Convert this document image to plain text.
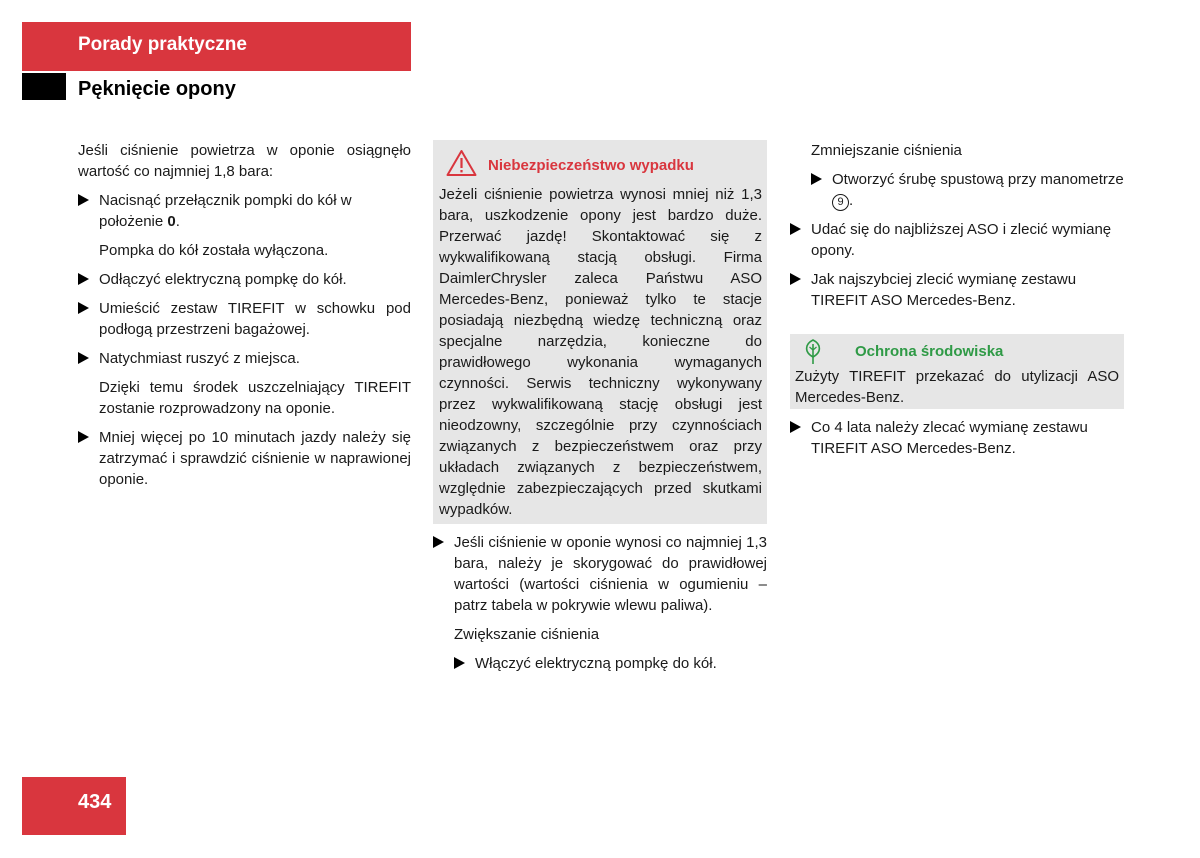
Porady praktyczne
Pęknięcie opony

Jeśli ciśnienie powietrza w oponie osiągnęło wartość co najmniej 1,8 bara:

Nacisnąć przełącznik pompki do kół w położenie 0.

Pompka do kół została wyłączona.

Odłączyć elektryczną pompkę do kół.
Umieścić zestaw TIREFIT w schowku pod podłogą przestrzeni bagażowej.
Natychmiast ruszyć z miejsca.

Dzięki temu środek uszczelniający TIREFIT zostanie rozprowadzony na oponie.

Mniej więcej po 10 minutach jazdy należy się zatrzymać i sprawdzić ciśnienie w naprawionej oponie.
Niebezpieczeństwo wypadku
Jeżeli ciśnienie powietrza wynosi mniej niż 1,3 bara, uszkodzenie opony jest bardzo duże. Przerwać jazdę! Skontaktować się z wykwalifikowaną stacją obsługi. Firma DaimlerChrysler zaleca Państwu ASO Mercedes-Benz, ponieważ tylko te stacje posiadają niezbędną wiedzę techniczną oraz specjalne narzędzia, konieczne do prawidłowego wykonania wymaganych czynności. Serwis techniczny wykonywany przez wykwalifikowaną stację obsługi jest nieodzowny, szczególnie przy czynnościach związanych z bezpieczeństwem oraz przy układach związanych z bezpieczeństwem, względnie zabezpieczających przed skutkami wypadków.
Jeśli ciśnienie w oponie wynosi co najmniej 1,3 bara, należy je skorygować do prawidłowej wartości (wartości ciśnienia w ogumieniu – patrz tabela w pokrywie wlewu paliwa).

Zwiększanie ciśnienia

Włączyć elektryczną pompkę do kół.

Zmniejszanie ciśnienia

Otworzyć śrubę spustową przy manometrze 9 .
Udać się do najbliższej ASO i zlecić wymianę opony.
Jak najszybciej zlecić wymianę zestawu TIREFIT ASO Mercedes-Benz.
Ochrona środowiska
Zużyty TIREFIT przekazać do utylizacji ASO Mercedes-Benz.
Co 4 lata należy zlecać wymianę zestawu TIREFIT ASO Mercedes-Benz.
434
